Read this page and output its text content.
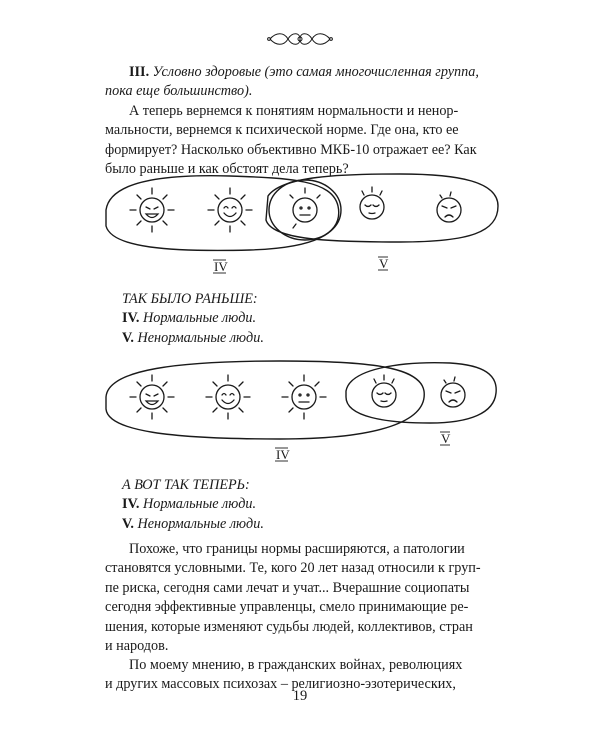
III. Условно здоровые (это самая многочисленная группа,

пока еще большинство).

А теперь вернемся к понятиям нормальности и ненор-

мальности, вернемся к психической норме. Где она, кто ее

формирует? Насколько объективно МКБ-10 отражает ее? Как

было раньше и как обстоят дела теперь?

IV	V
ТАК БЫЛО РАНЬШЕ:
IV. Нормальные люди.
V. Ненормальные люди.
V
IV
А ВОТ ТАК ТЕПЕРЬ:
IV. Нормальные люди.
V. Ненормальные люди.

Похоже, что границы нормы расширяются, а патологии

становятся условными. Те, кого 20 лет назад относили к груп-

пе риска, сегодня сами лечат и учат... Вчерашние социопаты

сегодня эффективные управленцы, смело принимающие ре-

шения, которые изменяют судьбы людей, коллективов, стран

и народов.

По моему мнению, в гражданских войнах, революциях

и других массовых психозах – религиозно-эзотерических,

19
